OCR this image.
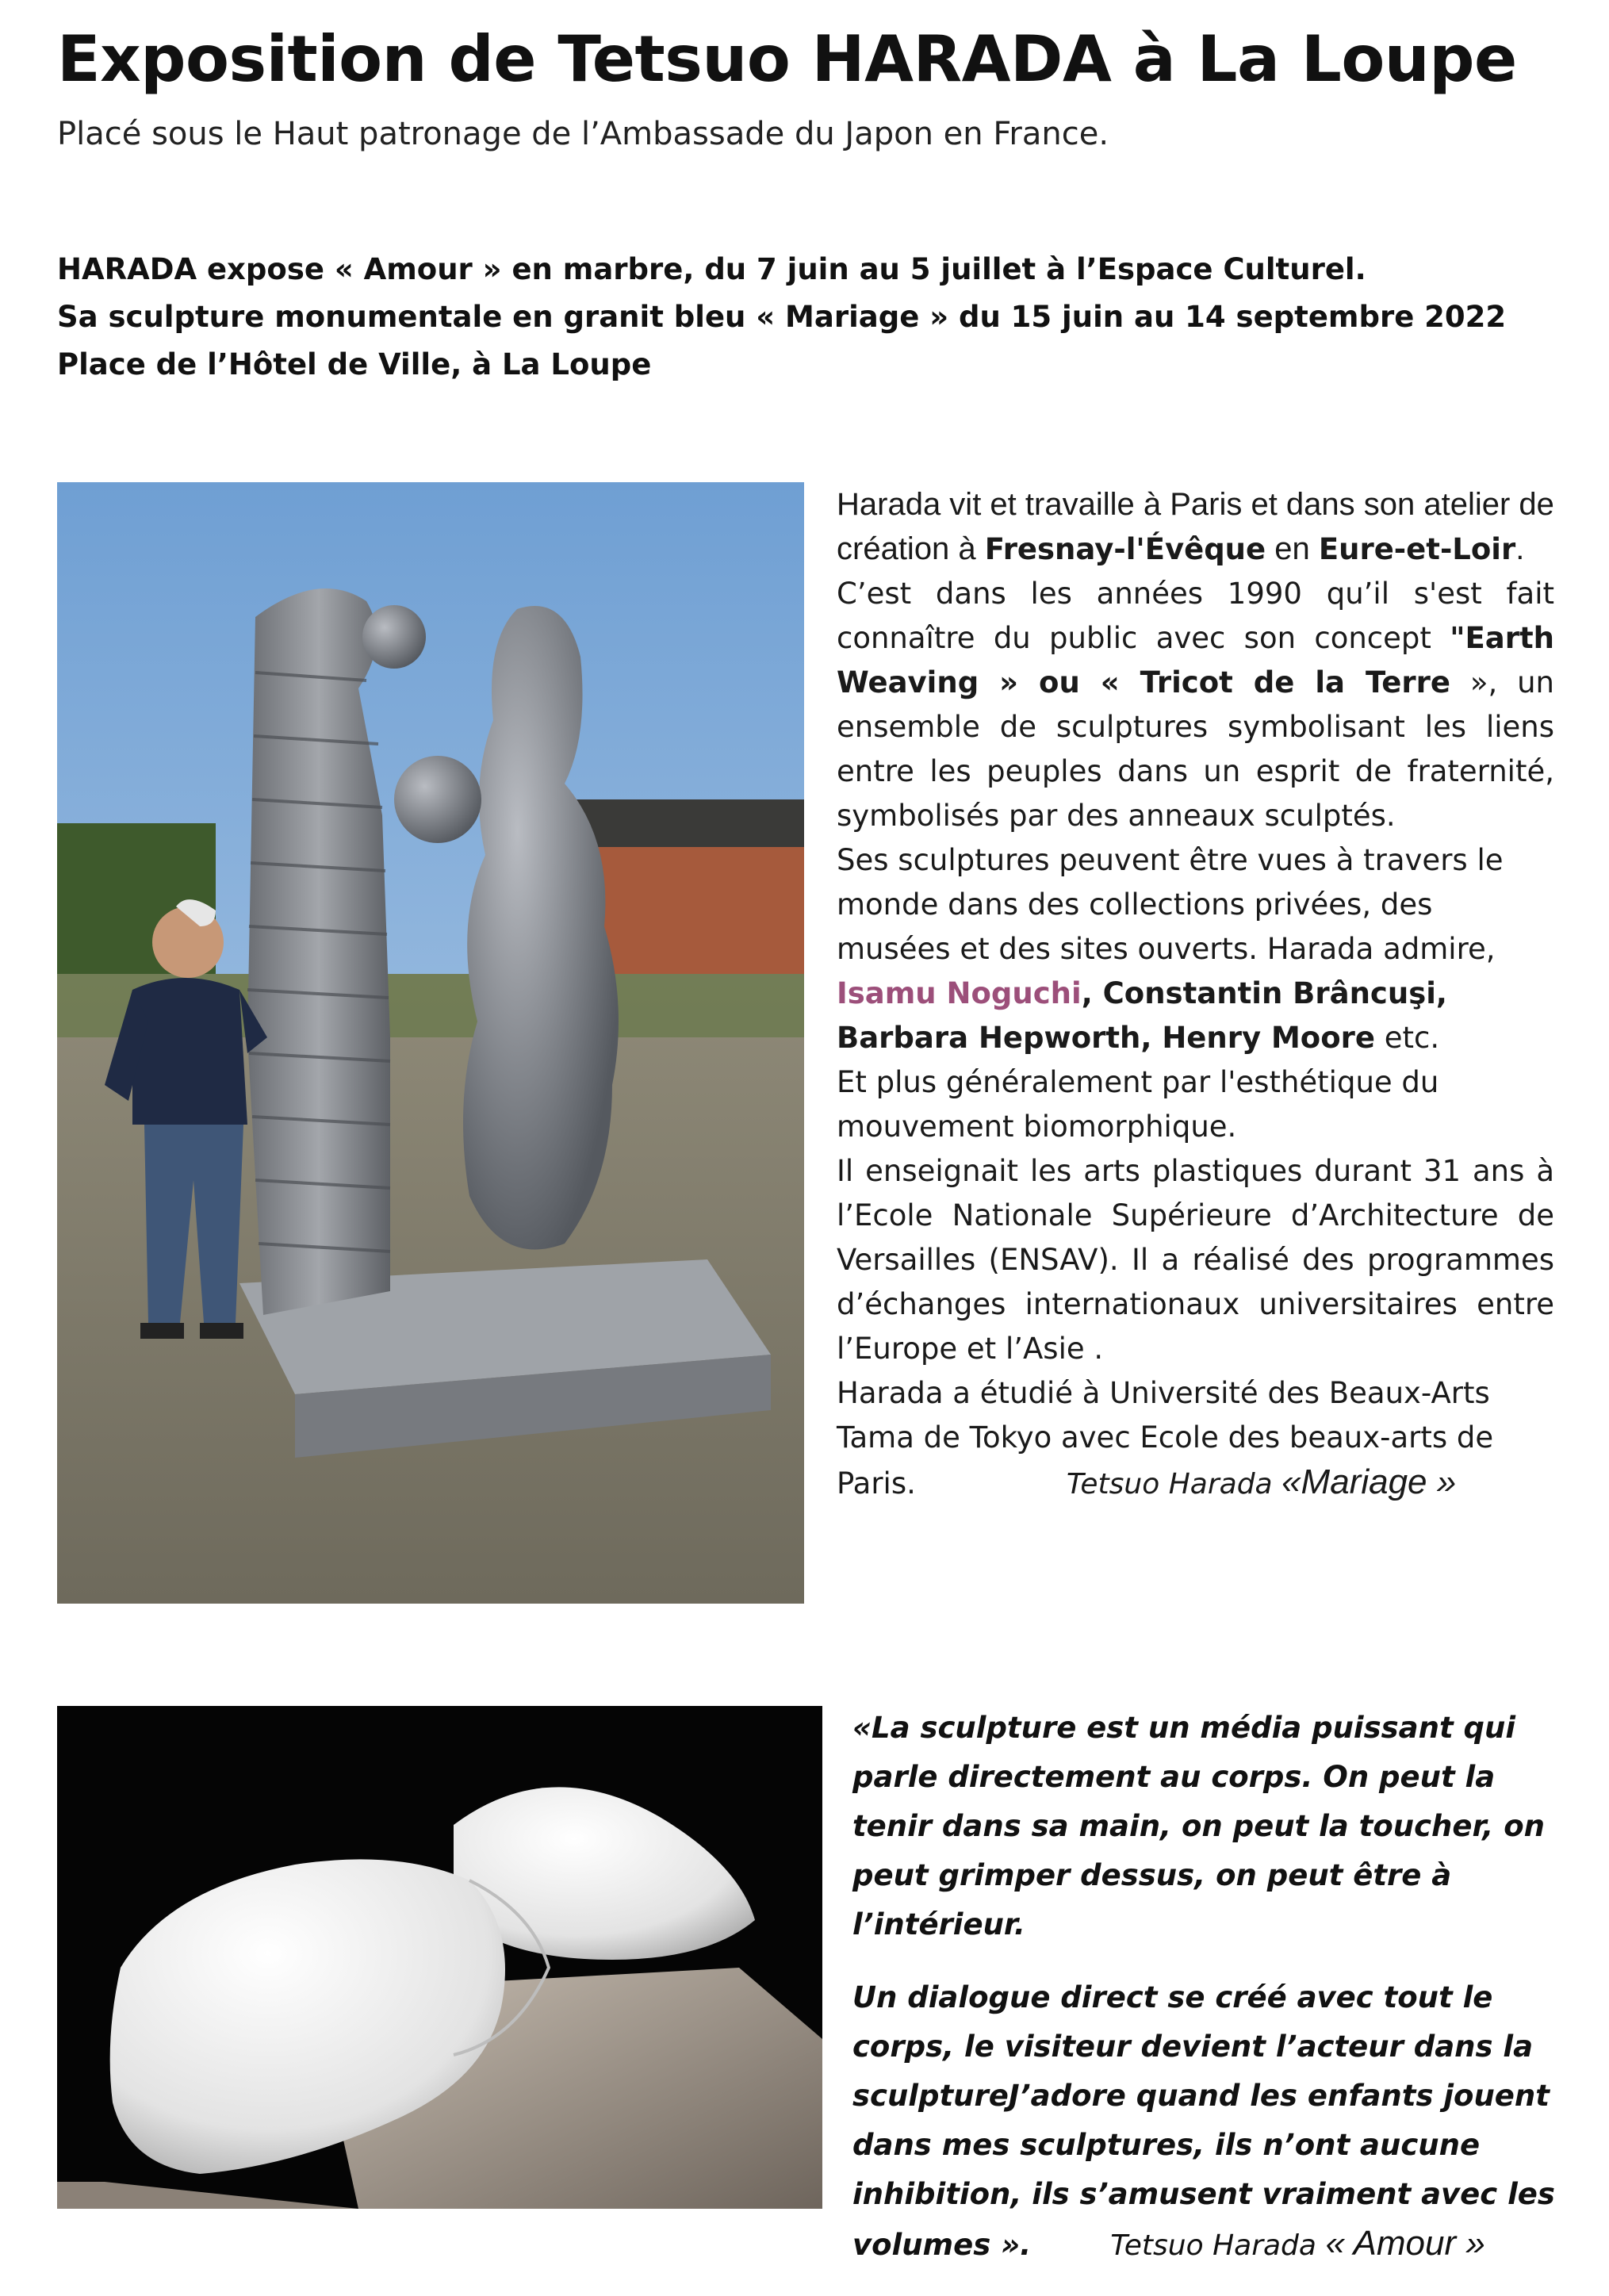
Exposition de Tetsuo HARADA à La Loupe

Placé sous le Haut patronage de l’Ambassade du Japon en France.

HARADA expose « Amour » en marbre, du 7 juin au 5 juillet à l’Espace Culturel.
Sa sculpture monumentale en granit bleu « Mariage » du 15 juin au 14 septembre 2022 Place de l’Hôtel de Ville, à La Loupe

Harada vit et travaille à Paris et dans son atelier de création à Fresnay-l'Évêque en Eure-et-Loir.

C’est dans les années 1990 qu’il s'est fait connaître du public avec son concept "Earth Weaving » ou « Tricot de la Terre », un ensemble de sculptures symbolisant les liens entre les peuples dans un esprit de fraternité, symbolisés par des anneaux sculptés.

Ses sculptures peuvent être vues à travers le monde dans des collections privées, des musées et des sites ouverts. Harada admire, Isamu Noguchi, Constantin Brâncuşi, Barbara Hepworth, Henry Moore etc.

Et plus généralement par l'esthétique du mouvement biomorphique.

Il enseignait les arts plastiques durant 31 ans à l’Ecole Nationale Supérieure d’Architecture de Versailles (ENSAV). Il a réalisé des programmes d’échanges internationaux universitaires entre l’Europe et l’Asie .

Harada a étudié à Université des Beaux-Arts Tama de Tokyo avec Ecole des beaux-arts de Paris.	Tetsuo Harada «Mariage »

«La sculpture est un média puissant qui parle directement au corps. On peut la tenir dans sa main, on peut la toucher, on peut grimper dessus, on peut être à l’intérieur.

Un dialogue direct se créé avec tout le corps, le visiteur devient l’acteur dans la sculptureJ’adore quand les enfants jouent dans mes sculptures, ils n’ont aucune inhibition, ils s’amusent vraiment avec les volumes ».	Tetsuo Harada « Amour »
